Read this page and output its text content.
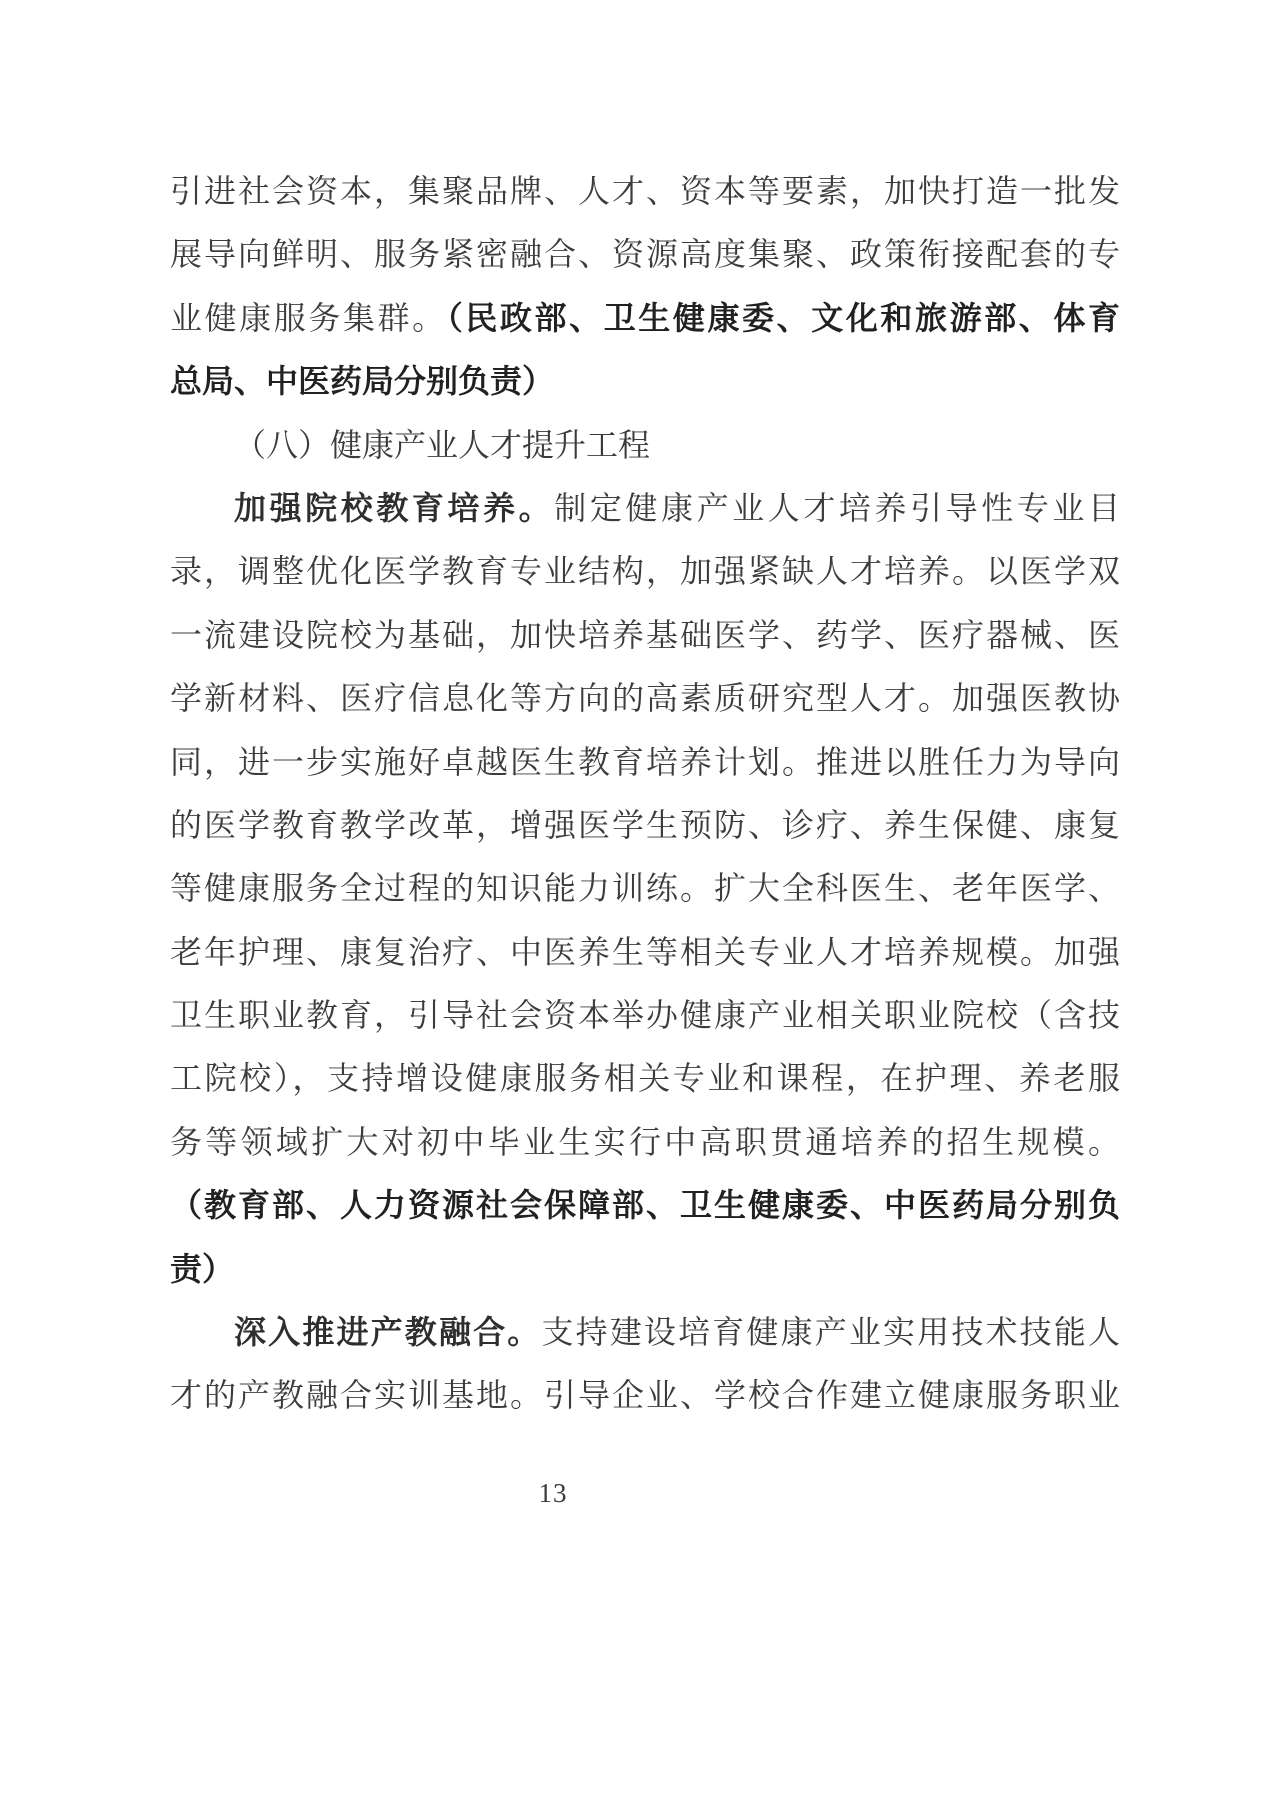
引进社会资本，集聚品牌、人才、资本等要素，加快打造一批发
展导向鲜明、服务紧密融合、资源高度集聚、政策衔接配套的专
业健康服务集群。（民政部、卫生健康委、文化和旅游部、体育
总局、中医药局分别负责）
（八）健康产业人才提升工程
加强院校教育培养。制定健康产业人才培养引导性专业目
录，调整优化医学教育专业结构，加强紧缺人才培养。以医学双
一流建设院校为基础，加快培养基础医学、药学、医疗器械、医
学新材料、医疗信息化等方向的高素质研究型人才。加强医教协
同，进一步实施好卓越医生教育培养计划。推进以胜任力为导向
的医学教育教学改革，增强医学生预防、诊疗、养生保健、康复
等健康服务全过程的知识能力训练。扩大全科医生、老年医学、
老年护理、康复治疗、中医养生等相关专业人才培养规模。加强
卫生职业教育，引导社会资本举办健康产业相关职业院校（含技
工院校），支持增设健康服务相关专业和课程，在护理、养老服
务等领域扩大对初中毕业生实行中高职贯通培养的招生规模。
（教育部、人力资源社会保障部、卫生健康委、中医药局分别负
责）
深入推进产教融合。支持建设培育健康产业实用技术技能人
才的产教融合实训基地。引导企业、学校合作建立健康服务职业
13
